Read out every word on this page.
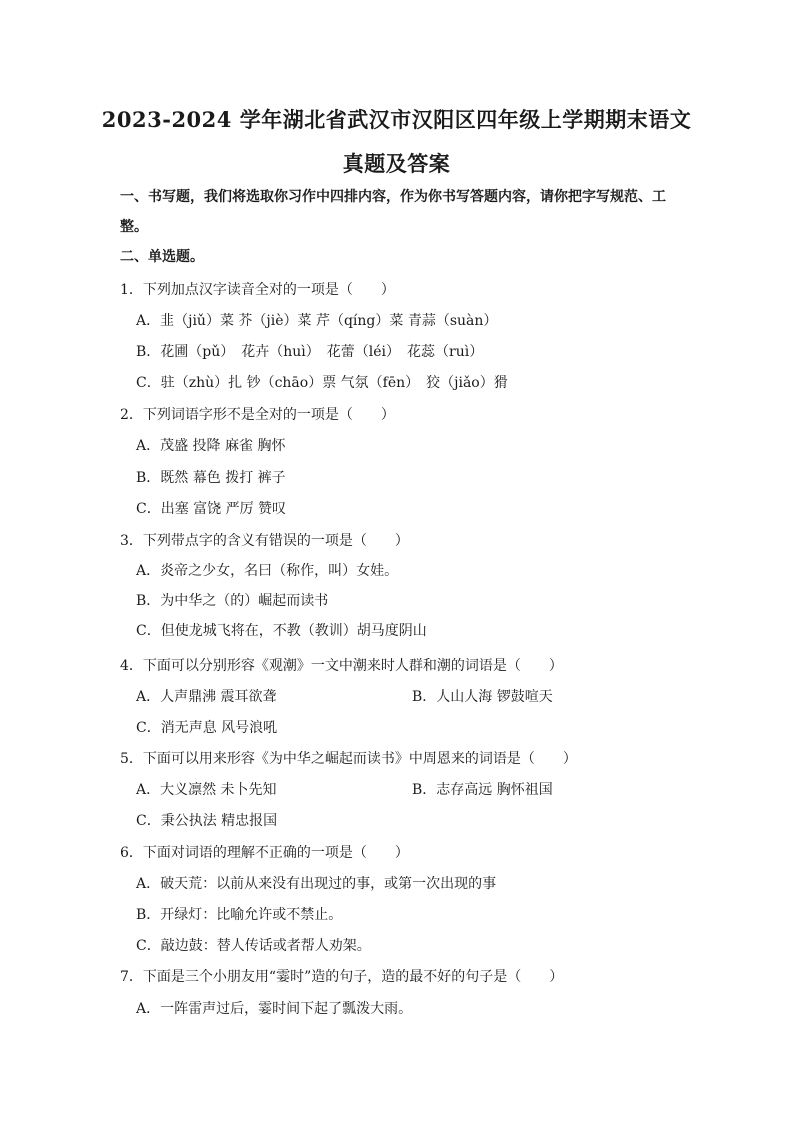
2023-2024 学年湖北省武汉市汉阳区四年级上学期期末语文
真题及答案
一、书写题，我们将选取你习作中四排内容，作为你书写答题内容，请你把字写规范、工整。
二、单选题。
1．下列加点汉字读音全对的一项是（　　）
A．韭（jiǔ）菜 芥（jiè）菜 芹（qíng）菜 青蒜（suàn）
B．花圃（pǔ）　花卉（huì）　花蕾（léi）　花蕊（ruì）
C．驻（zhù）扎 钞（chāo）票 气氛（fēn）　狡（jiǎo）猾
2．下列词语字形不是全对的一项是（　　）
A．茂盛 投降 麻雀 胸怀
B．既然 幕色 拨打 裤子
C．出塞 富饶 严厉 赞叹
3．下列带点字的含义有错误的一项是（　　）
A．炎帝之少女，名曰（称作，叫）女娃。
B．为中华之（的）崛起而读书
C．但使龙城飞将在，不教（教训）胡马度阴山
4．下面可以分别形容《观潮》一文中潮来时人群和潮的词语是（　　）
A．人声鼎沸 震耳欲聋	B．人山人海 锣鼓喧天
C．消无声息 风号浪吼
5．下面可以用来形容《为中华之崛起而读书》中周恩来的词语是（　　）
A．大义凛然 未卜先知	B．志存高远 胸怀祖国
C．秉公执法 精忠报国
6．下面对词语的理解不正确的一项是（　　）
A．破天荒：以前从来没有出现过的事，或第一次出现的事
B．开绿灯：比喻允许或不禁止。
C．敲边鼓：替人传话或者帮人劝架。
7．下面是三个小朋友用“霎时”造的句子，造的最不好的句子是（　　）
A．一阵雷声过后，霎时间下起了瓢泼大雨。
